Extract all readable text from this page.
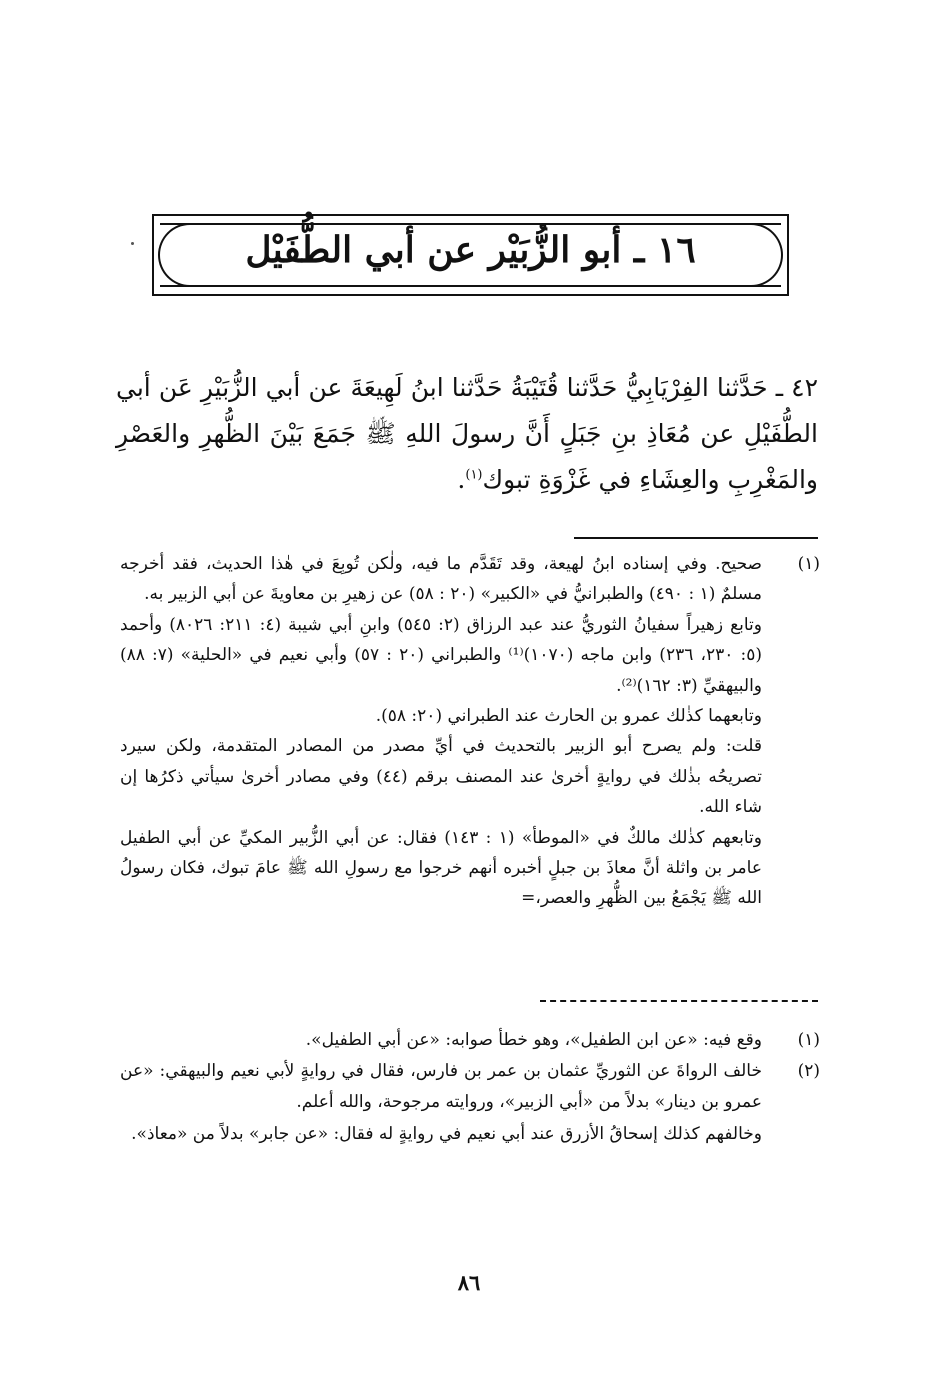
١٦ ـ أبو الزُّبَيْر عن أبي الطُّفَيْل

٤٢ ـ حَدَّثنا الفِرْيَابِيُّ حَدَّثنا قُتَيْبَةُ حَدَّثنا ابنُ لَهِيعَةَ عن أبي الزُّبَيْرِ عَن أبي الطُّفَيْلِ عن مُعَاذِ بنِ جَبَلٍ أَنَّ رسولَ اللهِ ﷺ جَمَعَ بَيْنَ الظُّهرِ والعَصْرِ والمَغْرِبِ والعِشَاءِ في غَزْوَةِ تبوك$^{(١)}$.

(١)

صحيح. وفي إسناده ابنُ لهيعة، وقد تَقَدَّم ما فيه، ولٰكن تُوبِعَ في هٰذا الحديث، فقد أخرجه مسلمٌ (١ : ٤٩٠) والطبرانيُّ في «الكبير» (٢٠ : ٥٨) عن زهيرِ بن معاويةَ عن أبي الزبير به.

وتابع زهيراً سفيانُ الثوريُّ عند عبد الرزاق (٢: ٥٤٥) وابنِ أبي شيبة (٤: ٢١١: ٨٠٢٦) وأحمد (٥: ٢٣٠، ٢٣٦) وابن ماجه (١٠٧٠)⁽¹⁾ والطبراني (٢٠ : ٥٧) وأبي نعيم في «الحلية» (٧: ٨٨) والبيهقيِّ (٣: ١٦٢)⁽²⁾.

وتابعهما كذٰلك عمرو بن الحارث عند الطبراني (٢٠: ٥٨).

قلت: ولم يصرح أبو الزبير بالتحديث في أيِّ مصدر من المصادر المتقدمة، ولكن سيرد تصريحُه بذٰلك في روايةٍ أخرىٰ عند المصنف برقم (٤٤) وفي مصادر أخرىٰ سيأتي ذكرُها إن شاء الله.

وتابعهم كذٰلك مالكٌ في «الموطأ» (١ : ١٤٣) فقال: عن أبي الزُّبير المكيِّ عن أبي الطفيل عامر بن واثلة أنَّ معاذَ بن جبلٍ أخبره أنهم خرجوا مع رسولِ الله ﷺ عامَ تبوك، فكان رسولُ الله ﷺ يَجْمَعُ بين الظُّهرِ والعصر،=

(١)

وقع فيه: «عن ابن الطفيل»، وهو خطأ صوابه: «عن أبي الطفيل».

(٢)

خالف الرواةَ عن الثوريِّ عثمان بن عمر بن فارس، فقال في روايةٍ لأبي نعيم والبيهقي: «عن عمرو بن دينار» بدلاً من «أبي الزبير»، وروايته مرجوحة، والله أعلم.

وخالفهم كذلك إسحاقُ الأزرق عند أبي نعيم في روايةٍ له فقال: «عن جابر» بدلاً من «معاذ».

٨٦
